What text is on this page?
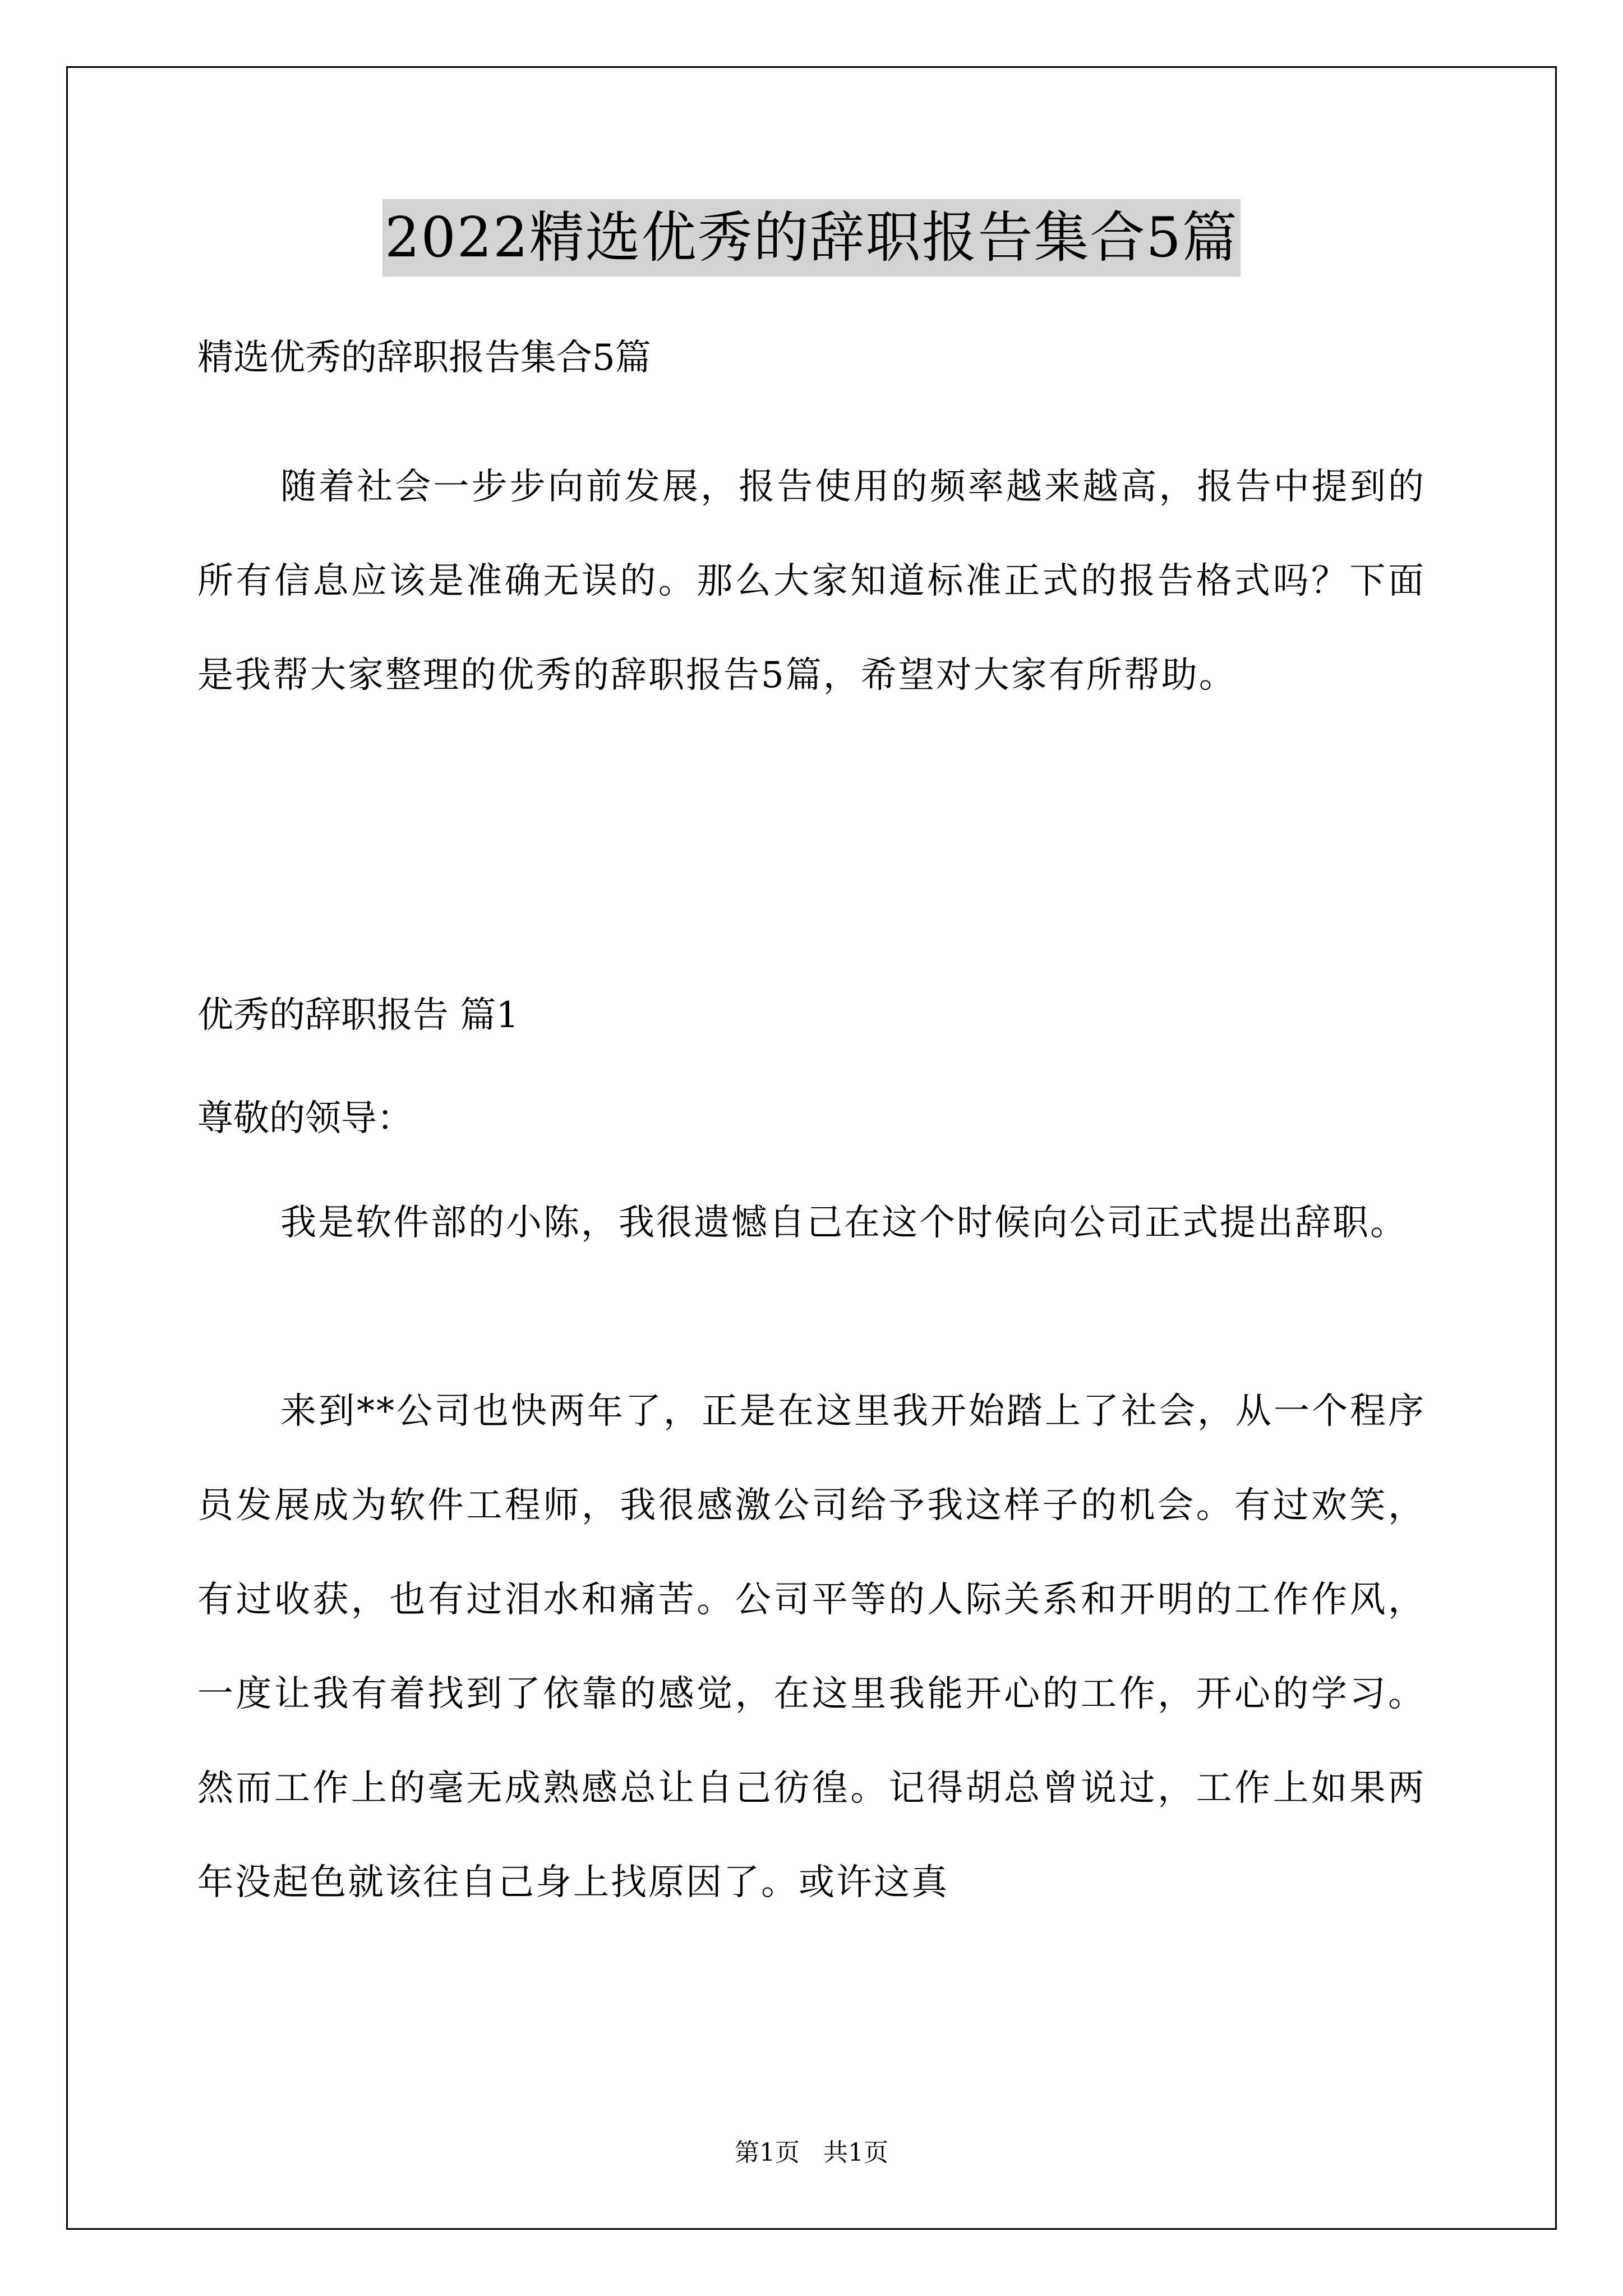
2022精选优秀的辞职报告集合5篇
精选优秀的辞职报告集合5篇
随着社会一步步向前发展，报告使用的频率越来越高，报告中提到的所有信息应该是准确无误的。那么大家知道标准正式的报告格式吗？下面是我帮大家整理的优秀的辞职报告5篇，希望对大家有所帮助。
优秀的辞职报告 篇1
尊敬的领导：
我是软件部的小陈，我很遗憾自己在这个时候向公司正式提出辞职。
来到**公司也快两年了，正是在这里我开始踏上了社会，从一个程序员发展成为软件工程师，我很感激公司给予我这样子的机会。有过欢笑，有过收获，也有过泪水和痛苦。公司平等的人际关系和开明的工作作风，一度让我有着找到了依靠的感觉，在这里我能开心的工作，开心的学习。然而工作上的毫无成熟感总让自己彷徨。记得胡总曾说过，工作上如果两年没起色就该往自己身上找原因了。或许这真
第1页 共1页
